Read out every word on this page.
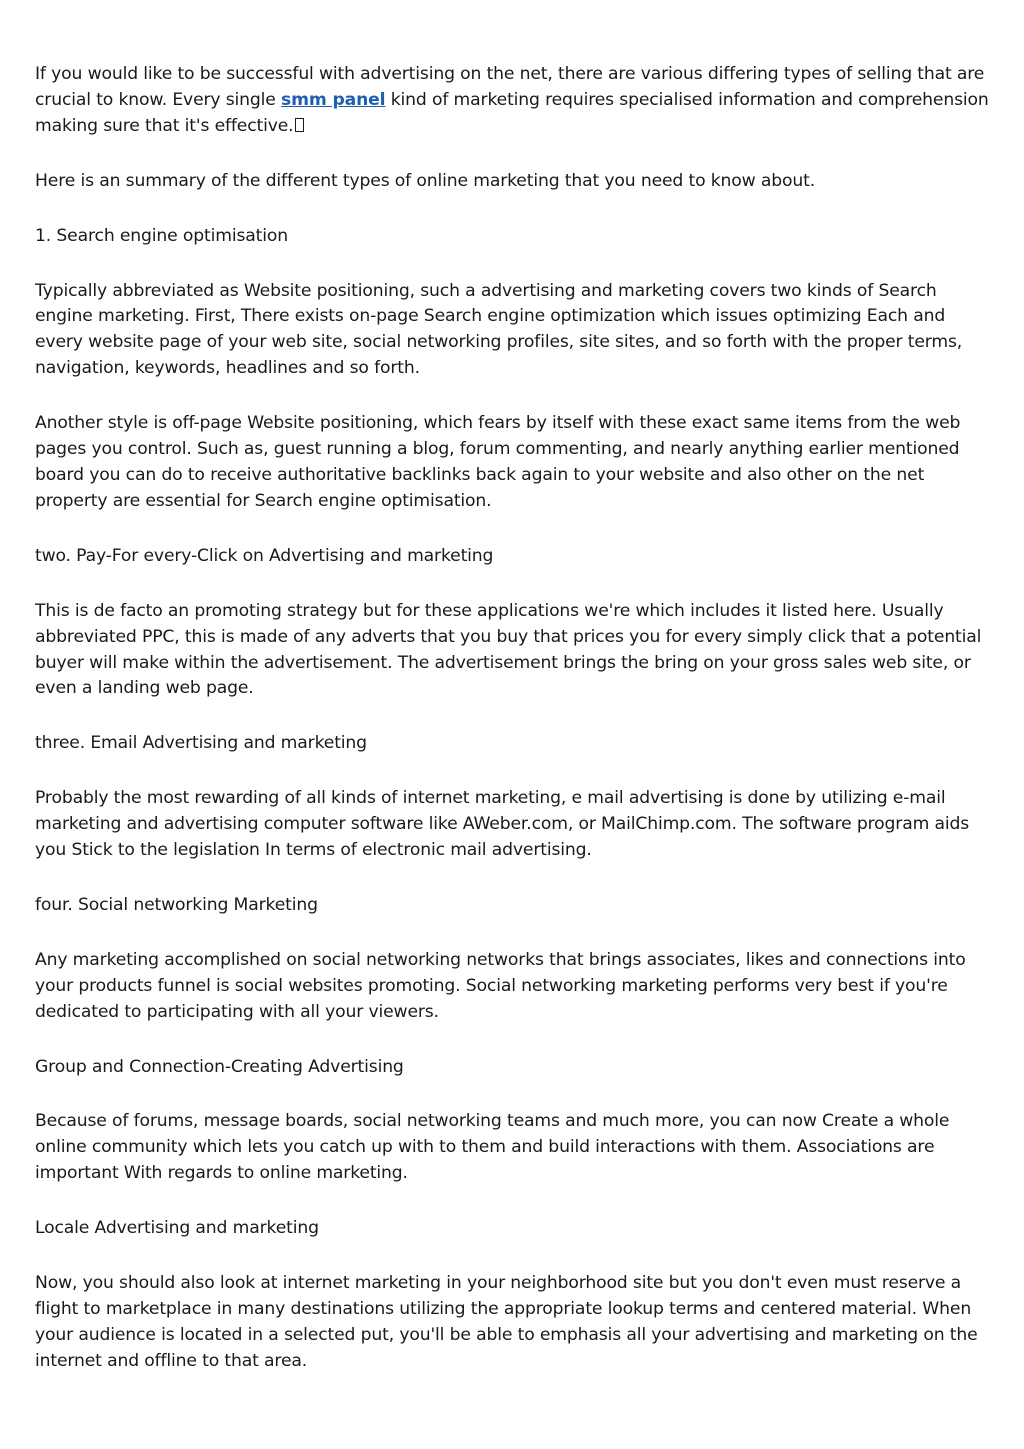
If you would like to be successful with advertising on the net, there are various differing types of selling that are crucial to know. Every single smm panel kind of marketing requires specialised information and comprehension making sure that it's effective.

Here is an summary of the different types of online marketing that you need to know about.

1. Search engine optimisation

Typically abbreviated as Website positioning, such a advertising and marketing covers two kinds of Search engine marketing. First, There exists on-page Search engine optimization which issues optimizing Each and every website page of your web site, social networking profiles, site sites, and so forth with the proper terms, navigation, keywords, headlines and so forth.

Another style is off-page Website positioning, which fears by itself with these exact same items from the web pages you control. Such as, guest running a blog, forum commenting, and nearly anything earlier mentioned board you can do to receive authoritative backlinks back again to your website and also other on the net property are essential for Search engine optimisation.

two. Pay-For every-Click on Advertising and marketing

This is de facto an promoting strategy but for these applications we're which includes it listed here. Usually abbreviated PPC, this is made of any adverts that you buy that prices you for every simply click that a potential buyer will make within the advertisement. The advertisement brings the bring on your gross sales web site, or even a landing web page.

three. Email Advertising and marketing

Probably the most rewarding of all kinds of internet marketing, e mail advertising is done by utilizing e-mail marketing and advertising computer software like AWeber.com, or MailChimp.com. The software program aids you Stick to the legislation In terms of electronic mail advertising.

four. Social networking Marketing

Any marketing accomplished on social networking networks that brings associates, likes and connections into your products funnel is social websites promoting. Social networking marketing performs very best if you're dedicated to participating with all your viewers.

Group and Connection-Creating Advertising

Because of forums, message boards, social networking teams and much more, you can now Create a whole online community which lets you catch up with to them and build interactions with them. Associations are important With regards to online marketing.

Locale Advertising and marketing

Now, you should also look at internet marketing in your neighborhood site but you don't even must reserve a flight to marketplace in many destinations utilizing the appropriate lookup terms and centered material. When your audience is located in a selected put, you'll be able to emphasis all your advertising and marketing on the internet and offline to that area.
